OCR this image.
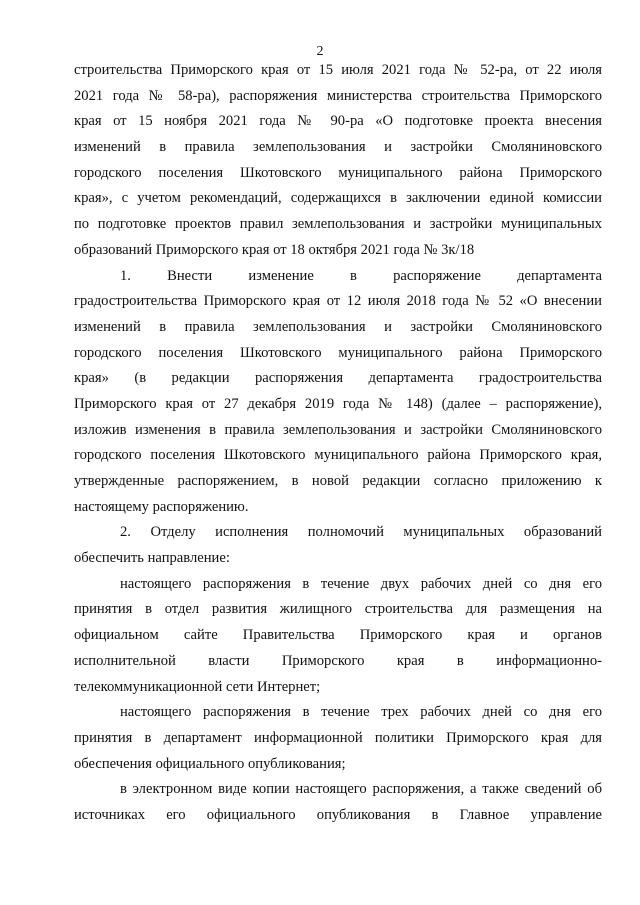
2
строительства Приморского края от 15 июля 2021 года № 52-ра, от 22 июля
2021 года № 58-ра), распоряжения министерства строительства Приморского
края от 15 ноября 2021 года № 90-ра «О подготовке проекта внесения
изменений в правила землепользования и застройки Смоляниновского
городского поселения Шкотовского муниципального района Приморского
края», с учетом рекомендаций, содержащихся в заключении единой комиссии
по подготовке проектов правил землепользования и застройки муниципальных
образований Приморского края от 18 октября 2021 года № 3к/18
1. Внести изменение в распоряжение департамента
градостроительства Приморского края от 12 июля 2018 года № 52 «О внесении
изменений в правила землепользования и застройки Смоляниновского
городского поселения Шкотовского муниципального района Приморского
края» (в редакции распоряжения департамента градостроительства
Приморского края от 27 декабря 2019 года № 148) (далее – распоряжение),
изложив изменения в правила землепользования и застройки Смоляниновского
городского поселения Шкотовского муниципального района Приморского края,
утвержденные распоряжением, в новой редакции согласно приложению к
настоящему распоряжению.
2. Отделу исполнения полномочий муниципальных образований
обеспечить направление:
настоящего распоряжения в течение двух рабочих дней со дня его
принятия в отдел развития жилищного строительства для размещения на
официальном сайте Правительства Приморского края и органов
исполнительной власти Приморского края в информационно-
телекоммуникационной сети Интернет;
настоящего распоряжения в течение трех рабочих дней со дня его
принятия в департамент информационной политики Приморского края для
обеспечения официального опубликования;
в электронном виде копии настоящего распоряжения, а также сведений об
источниках его официального опубликования в Главное управление
